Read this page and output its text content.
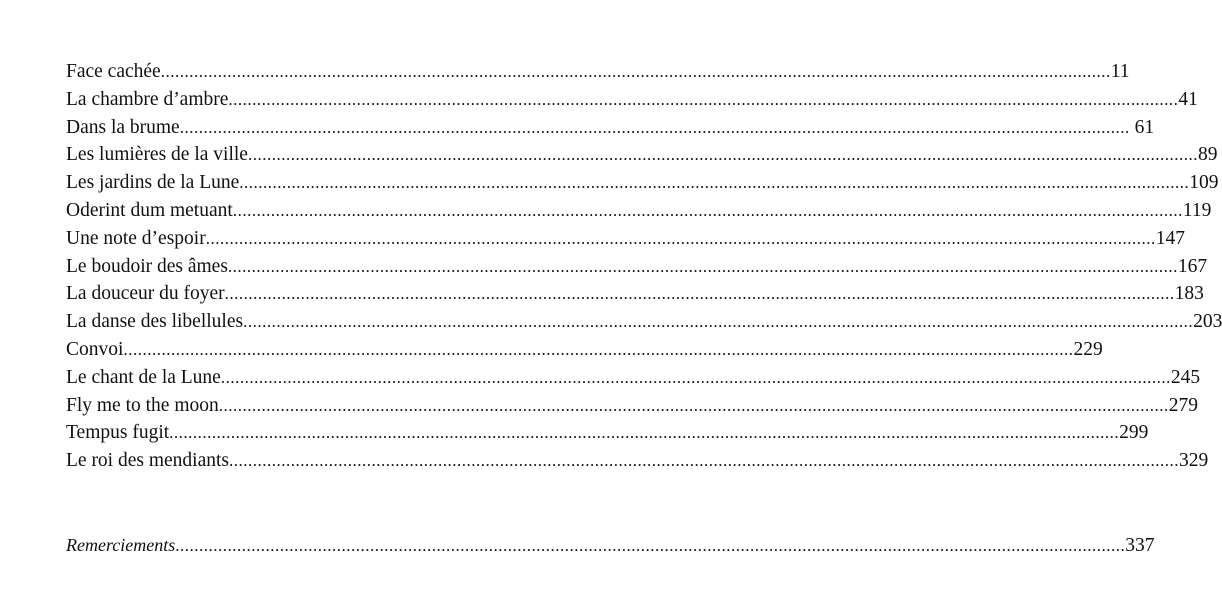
Face cachée ........................................................................................................................................................................................................ 11
La chambre d’ambre ........................................................................................................................................................................................................ 41
Dans la brume ........................................................................................................................................................................................................ 61
Les lumières de la ville ........................................................................................................................................................................................................ 89
Les jardins de la Lune ........................................................................................................................................................................................................ 109
Oderint dum metuant ........................................................................................................................................................................................................ 119
Une note d’espoir ........................................................................................................................................................................................................ 147
Le boudoir des âmes ........................................................................................................................................................................................................ 167
La douceur du foyer ........................................................................................................................................................................................................ 183
La danse des libellules ........................................................................................................................................................................................................ 203
Convoi ........................................................................................................................................................................................................ 229
Le chant de la Lune ........................................................................................................................................................................................................ 245
Fly me to the moon ........................................................................................................................................................................................................ 279
Tempus fugit ........................................................................................................................................................................................................ 299
Le roi des mendiants ........................................................................................................................................................................................................ 329
Remerciements ........................................................................................................................................................................................................ 337
